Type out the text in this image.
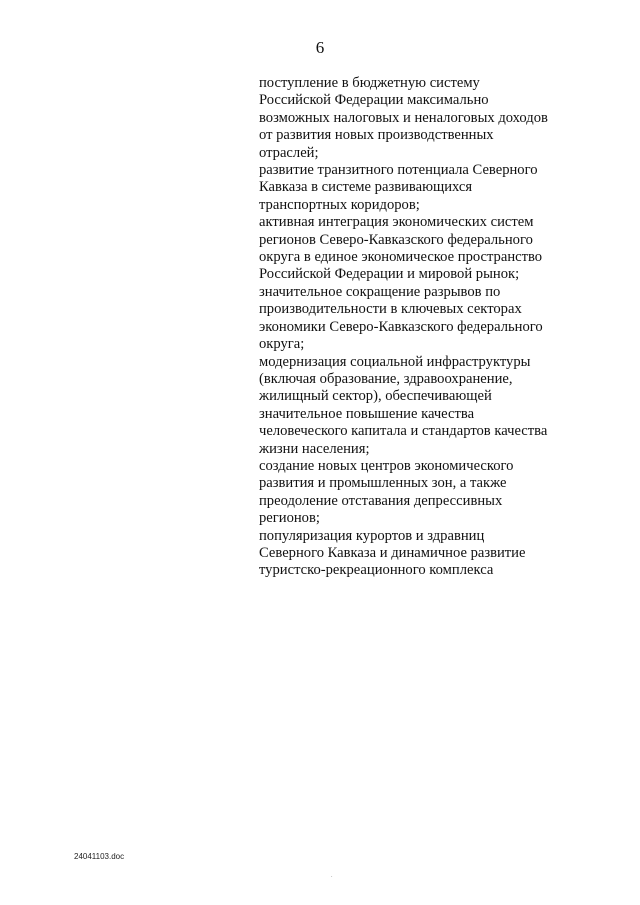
6
поступление в бюджетную систему
Российской Федерации максимально
возможных налоговых и неналоговых доходов
от развития новых производственных
отраслей;
развитие транзитного потенциала Северного
Кавказа в системе развивающихся
транспортных коридоров;
активная интеграция экономических систем
регионов Северо-Кавказского федерального
округа в единое экономическое пространство
Российской Федерации и мировой рынок;
значительное сокращение разрывов по
производительности в ключевых секторах
экономики Северо-Кавказского федерального
округа;
модернизация социальной инфраструктуры
(включая образование, здравоохранение,
жилищный сектор), обеспечивающей
значительное повышение качества
человеческого капитала и стандартов качества
жизни населения;
создание новых центров экономического
развития и промышленных зон, а также
преодоление отставания депрессивных
регионов;
популяризация курортов и здравниц
Северного Кавказа и динамичное развитие
туристско-рекреационного комплекса
24041103.doc
.
